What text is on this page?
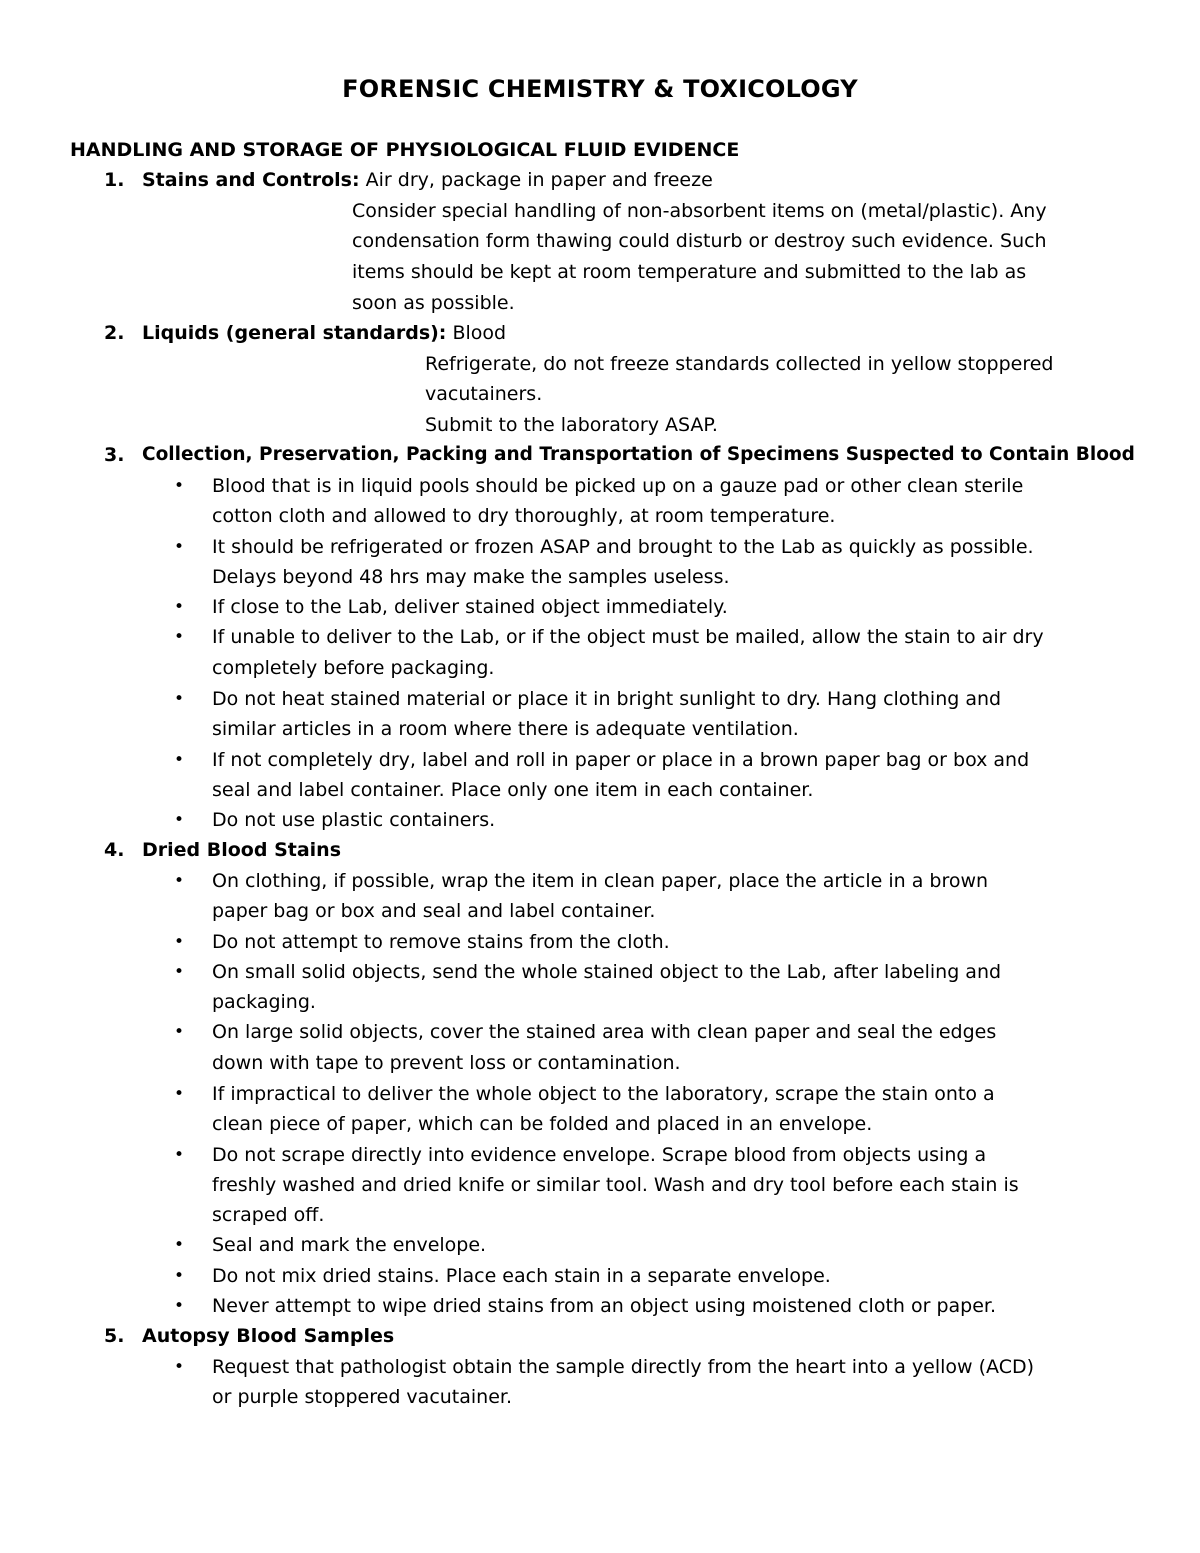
FORENSIC CHEMISTRY & TOXICOLOGY
HANDLING AND STORAGE OF PHYSIOLOGICAL FLUID EVIDENCE
1. Stains and Controls: Air dry, package in paper and freeze
Consider special handling of non-absorbent items on (metal/plastic). Any
condensation form thawing could disturb or destroy such evidence. Such
items should be kept at room temperature and submitted to the lab as
soon as possible.
2. Liquids (general standards): Blood
Refrigerate, do not freeze standards collected in yellow stoppered
vacutainers.
Submit to the laboratory ASAP.
3. Collection, Preservation, Packing and Transportation of Specimens Suspected to Contain Blood
• Blood that is in liquid pools should be picked up on a gauze pad or other clean sterile
cotton cloth and allowed to dry thoroughly, at room temperature.
• It should be refrigerated or frozen ASAP and brought to the Lab as quickly as possible.
Delays beyond 48 hrs may make the samples useless.
• If close to the Lab, deliver stained object immediately.
• If unable to deliver to the Lab, or if the object must be mailed, allow the stain to air dry
completely before packaging.
• Do not heat stained material or place it in bright sunlight to dry. Hang clothing and
similar articles in a room where there is adequate ventilation.
• If not completely dry, label and roll in paper or place in a brown paper bag or box and
seal and label container. Place only one item in each container.
• Do not use plastic containers.
4. Dried Blood Stains
• On clothing, if possible, wrap the item in clean paper, place the article in a brown
paper bag or box and seal and label container.
• Do not attempt to remove stains from the cloth.
• On small solid objects, send the whole stained object to the Lab, after labeling and
packaging.
• On large solid objects, cover the stained area with clean paper and seal the edges
down with tape to prevent loss or contamination.
• If impractical to deliver the whole object to the laboratory, scrape the stain onto a
clean piece of paper, which can be folded and placed in an envelope.
• Do not scrape directly into evidence envelope. Scrape blood from objects using a
freshly washed and dried knife or similar tool. Wash and dry tool before each stain is
scraped off.
• Seal and mark the envelope.
• Do not mix dried stains. Place each stain in a separate envelope.
• Never attempt to wipe dried stains from an object using moistened cloth or paper.
5. Autopsy Blood Samples
• Request that pathologist obtain the sample directly from the heart into a yellow (ACD)
or purple stoppered vacutainer.
